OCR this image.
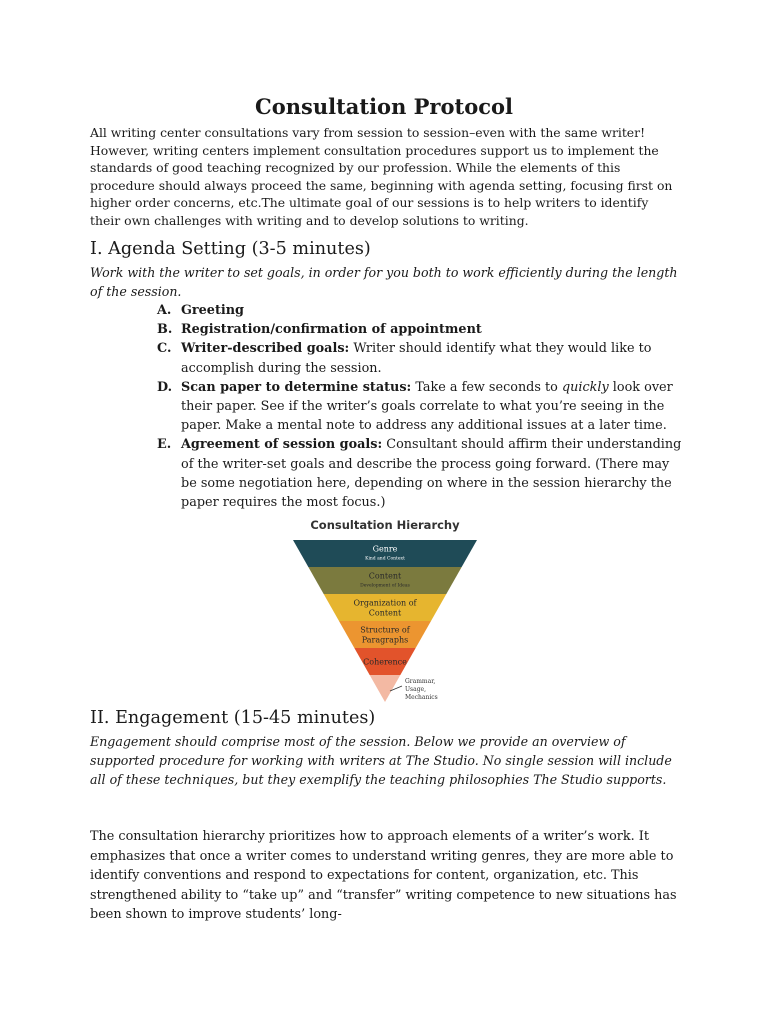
Consultation Protocol

All writing center consultations vary from session to session–even with the same writer! However, writing centers implement consultation procedures support us to implement the standards of good teaching recognized by our profession. While the elements of this procedure should always proceed the same, beginning with agenda setting, focusing first on higher order concerns, etc.The ultimate goal of our sessions is to help writers to identify their own challenges with writing and to develop solutions to writing.

I. Agenda Setting (3-5 minutes)

Work with the writer to set goals, in order for you both to work efficiently during the length of the session.

A. Greeting
B. Registration/confirmation of appointment
C. Writer-described goals: Writer should identify what they would like to accomplish during the session.
D. Scan paper to determine status: Take a few seconds to quickly look over their paper. See if the writer’s goals correlate to what you’re seeing in the paper. Make a mental note to address any additional issues at a later time.
E. Agreement of session goals: Consultant should affirm their understanding of the writer-set goals and describe the process going forward. (There may be some negotiation here, depending on where in the session hierarchy the paper requires the most focus.)
Consultation Hierarchy
Genre
Kind and Context
Content
Development of Ideas
Organization of
Content
Structure of
Paragraphs
Coherence
Grammar,
Usage,
Mechanics
II. Engagement (15-45 minutes)

Engagement should comprise most of the session. Below we provide an overview of supported procedure for working with writers at The Studio. No single session will include all of these techniques, but they exemplify the teaching philosophies The Studio supports.

The consultation hierarchy prioritizes how to approach elements of a writer’s work. It emphasizes that once a writer comes to understand writing genres, they are more able to identify conventions and respond to expectations for content, organization, etc. This strengthened ability to “take up” and “transfer” writing competence to new situations has been shown to improve students’ long-
